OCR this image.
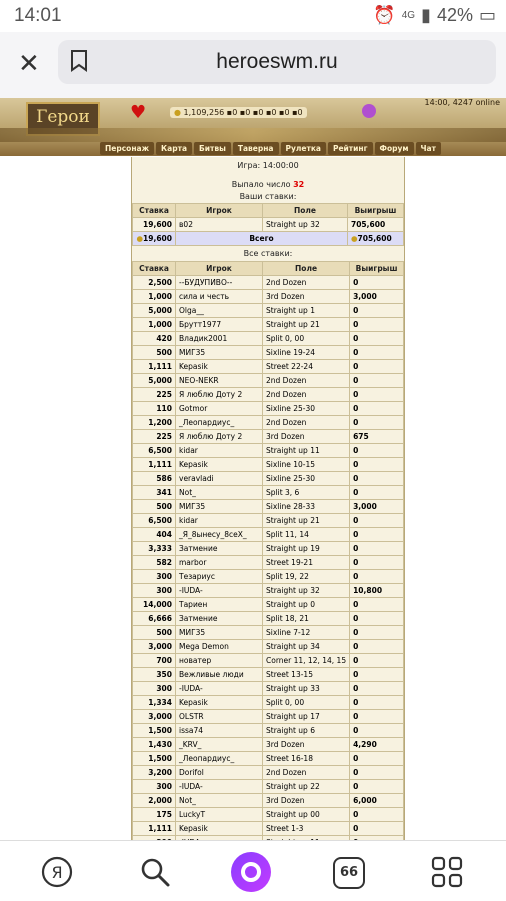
14:01	⏰ 4G ▮ 42% ▭
✕	heroeswm.ru
Герои	♥	● 1,109,256 ▪0 ▪0 ▪0 ▪0 ▪0 ▪0
14:00, 4247 online
Персонаж	Карта	Битвы	Таверна	Рулетка	Рейтинг	Форум	Чат
Игра: 14:00:00
Выпало число 32
Ваши ставки:
Ставка	Игрок	Поле	Выигрыш
19,600	в02	Straight up 32	705,600
●19,600	Всего		●705,600
Все ставки:
Ставка	Игрок	Поле	Выигрыш
2,500	--БУДУПИВО--	2nd Dozen	0
1,000	сила и честь	3rd Dozen	3,000
5,000	Olga__	Straight up 1	0
1,000	Брутт1977	Straight up 21	0
420	Владик2001	Split 0, 00	0
500	МИГ35	Sixline 19-24	0
1,111	Kepasik	Street 22-24	0
5,000	NEO-NEKR	2nd Dozen	0
225	Я люблю Доту 2	2nd Dozen	0
110	Gotmor	Sixline 25-30	0
1,200	_Леопардиус_	2nd Dozen	0
225	Я люблю Доту 2	3rd Dozen	675
6,500	kidar	Straight up 11	0
1,111	Kepasik	Sixline 10-15	0
586	veravladi	Sixline 25-30	0
341	Not_	Split 3, 6	0
500	МИГ35	Sixline 28-33	3,000
6,500	kidar	Straight up 21	0
404	_Я_8ынесу_8сеХ_	Split 11, 14	0
3,333	Затмение	Straight up 19	0
582	marbor	Street 19-21	0
300	Тезариус	Split 19, 22	0
300	-IUDA-	Straight up 32	10,800
14,000	Тариен	Straight up 0	0
6,666	Затмение	Split 18, 21	0
500	МИГ35	Sixline 7-12	0
3,000	Mega Demon	Straight up 34	0
700	новатер	Corner 11, 12, 14, 15	0
350	Вежливые люди	Street 13-15	0
300	-IUDA-	Straight up 33	0
1,334	Kepasik	Split 0, 00	0
3,000	OLSTR	Straight up 17	0
1,500	issa74	Straight up 6	0
1,430	_KRV_	3rd Dozen	4,290
1,500	_Леопардиус_	Street 16-18	0
3,200	Dorifol	2nd Dozen	0
300	-IUDA-	Straight up 22	0
2,000	Not_	3rd Dozen	6,000
175	LuckyT	Straight up 00	0
1,111	Kepasik	Street 1-3	0

Я	66
